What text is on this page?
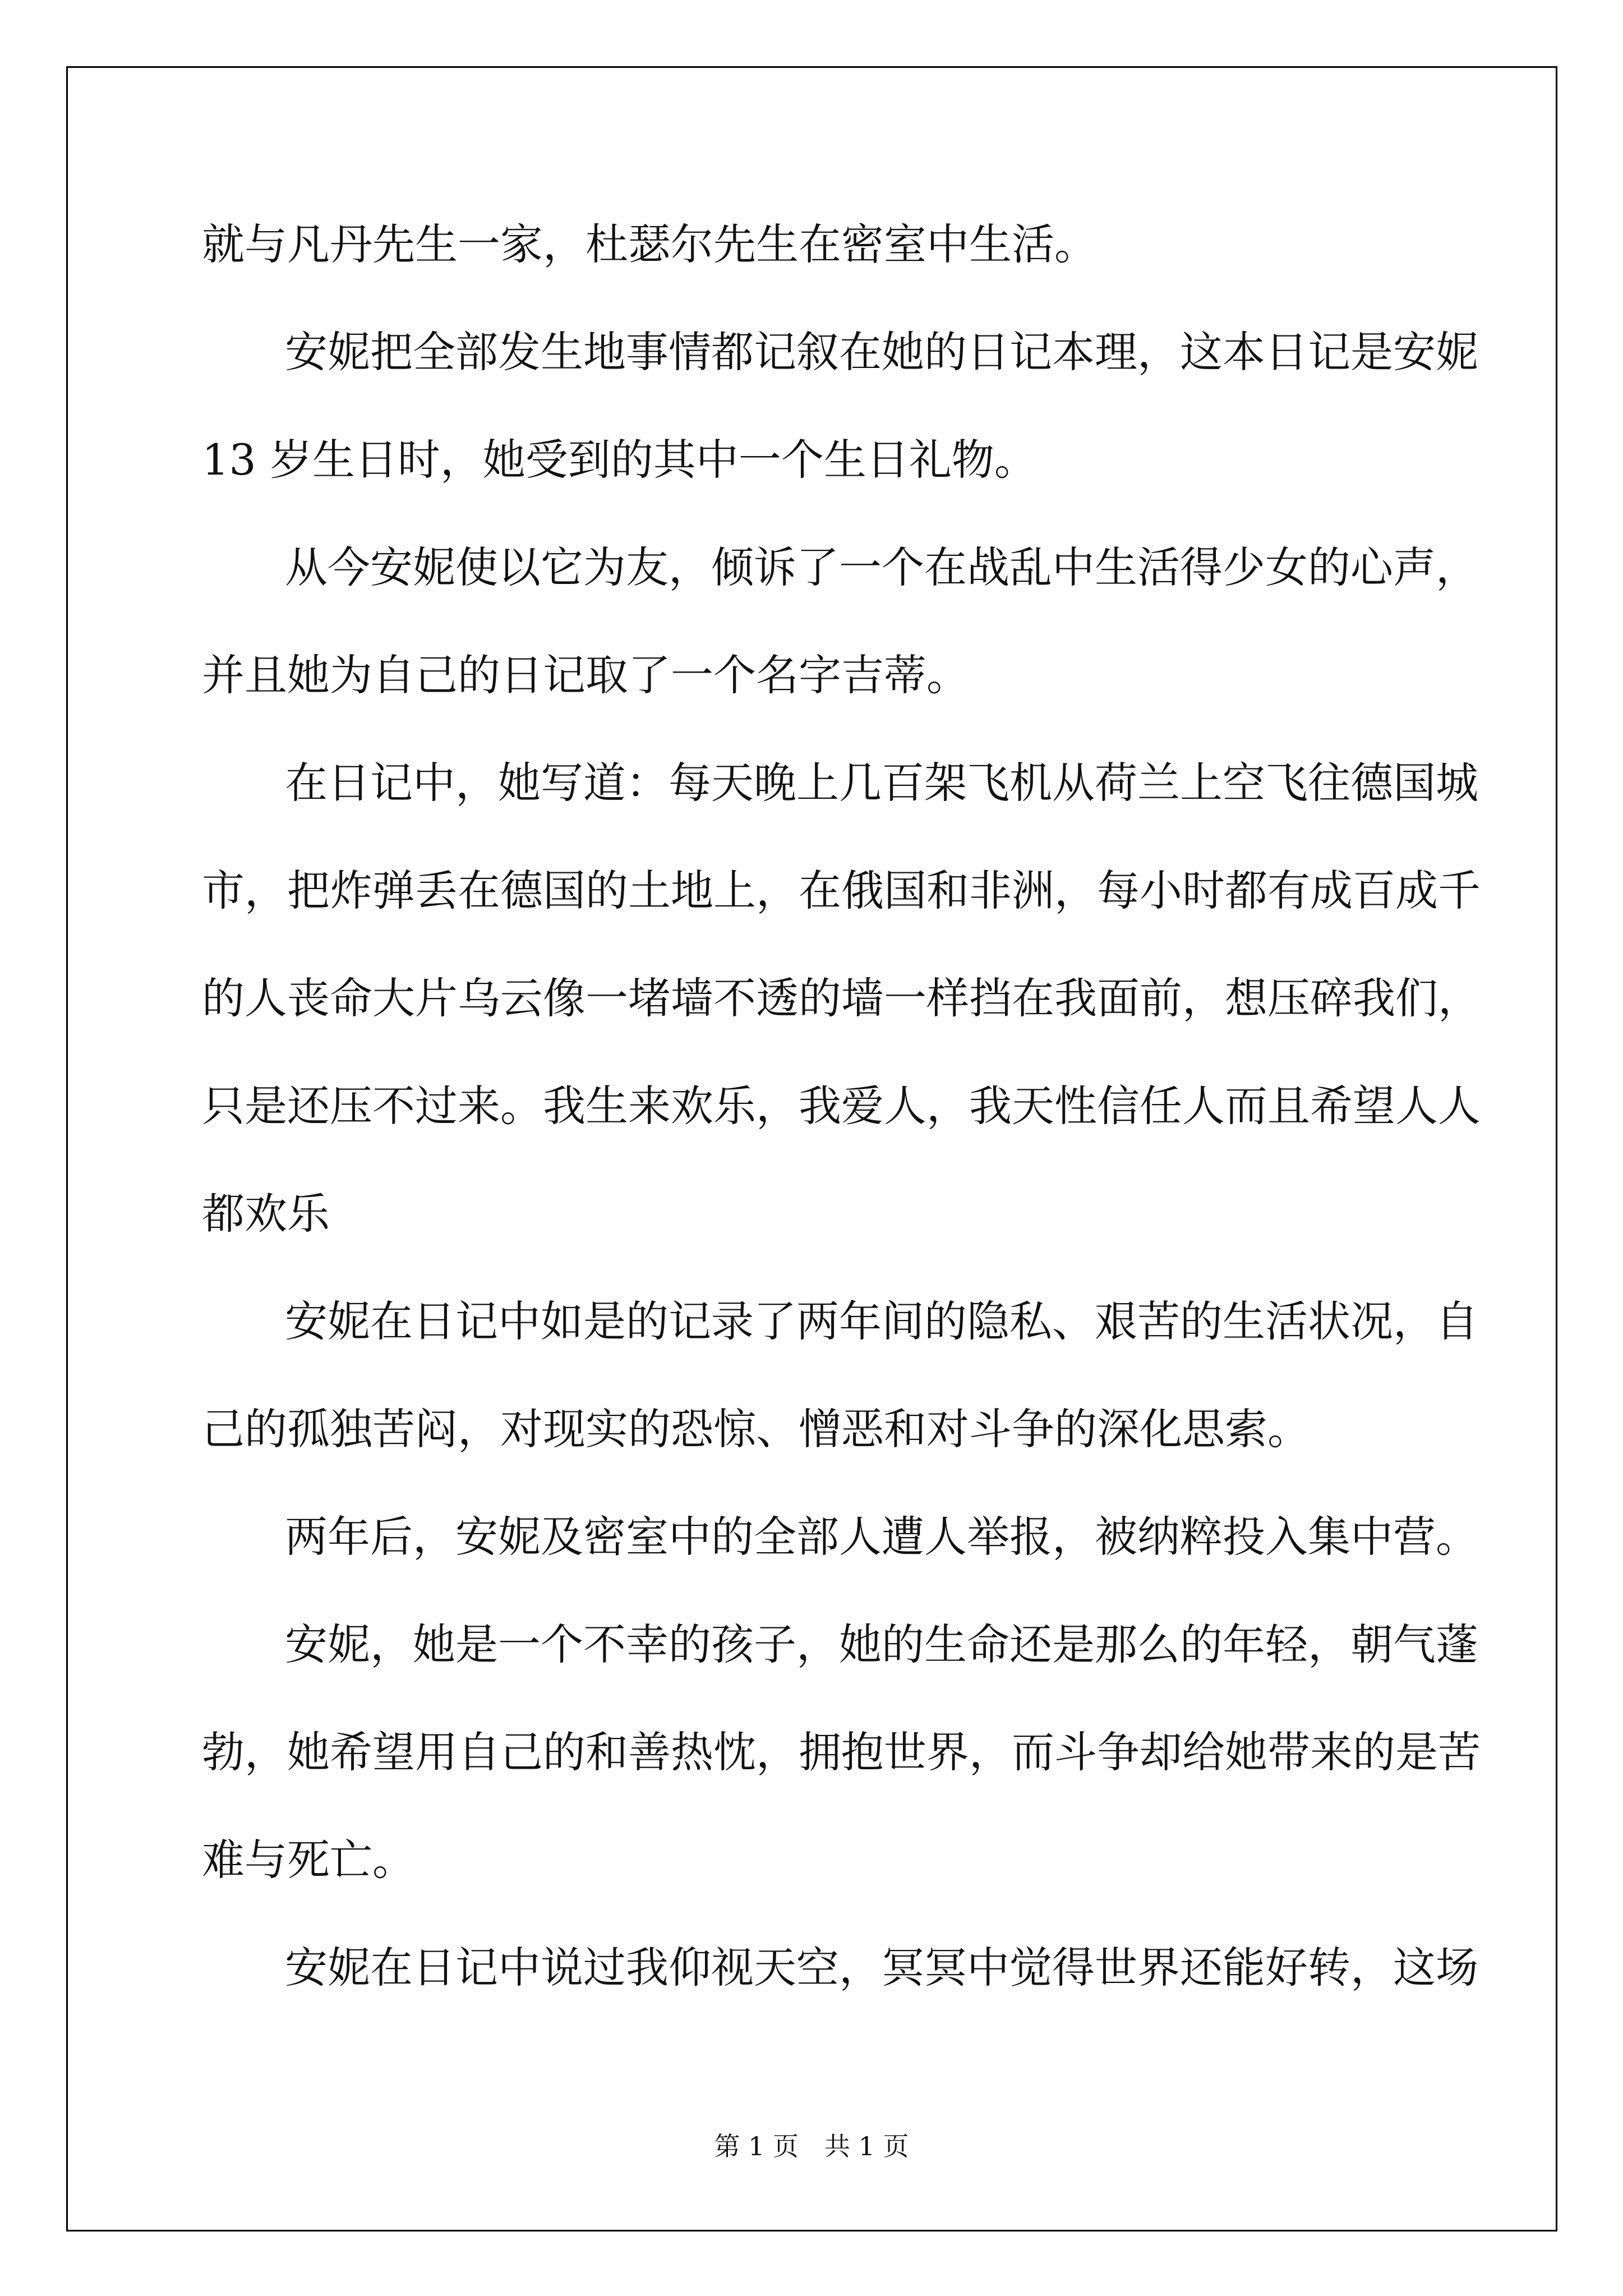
就与凡丹先生一家，杜瑟尔先生在密室中生活。
安妮把全部发生地事情都记叙在她的日记本理，这本日记是安妮
13 岁生日时，她受到的其中一个生日礼物。
从今安妮使以它为友，倾诉了一个在战乱中生活得少女的心声，
并且她为自己的日记取了一个名字吉蒂。
在日记中，她写道：每天晚上几百架飞机从荷兰上空飞往德国城
市，把炸弹丢在德国的土地上，在俄国和非洲，每小时都有成百成千
的人丧命大片乌云像一堵墙不透的墙一样挡在我面前，想压碎我们，
只是还压不过来。我生来欢乐，我爱人，我天性信任人而且希望人人
都欢乐
安妮在日记中如是的记录了两年间的隐私、艰苦的生活状况，自
己的孤独苦闷，对现实的恐惊、憎恶和对斗争的深化思索。
两年后，安妮及密室中的全部人遭人举报，被纳粹投入集中营。
安妮，她是一个不幸的孩子，她的生命还是那么的年轻，朝气蓬
勃，她希望用自己的和善热忱，拥抱世界，而斗争却给她带来的是苦
难与死亡。
安妮在日记中说过我仰视天空，冥冥中觉得世界还能好转，这场
第 1 页　共 1 页
